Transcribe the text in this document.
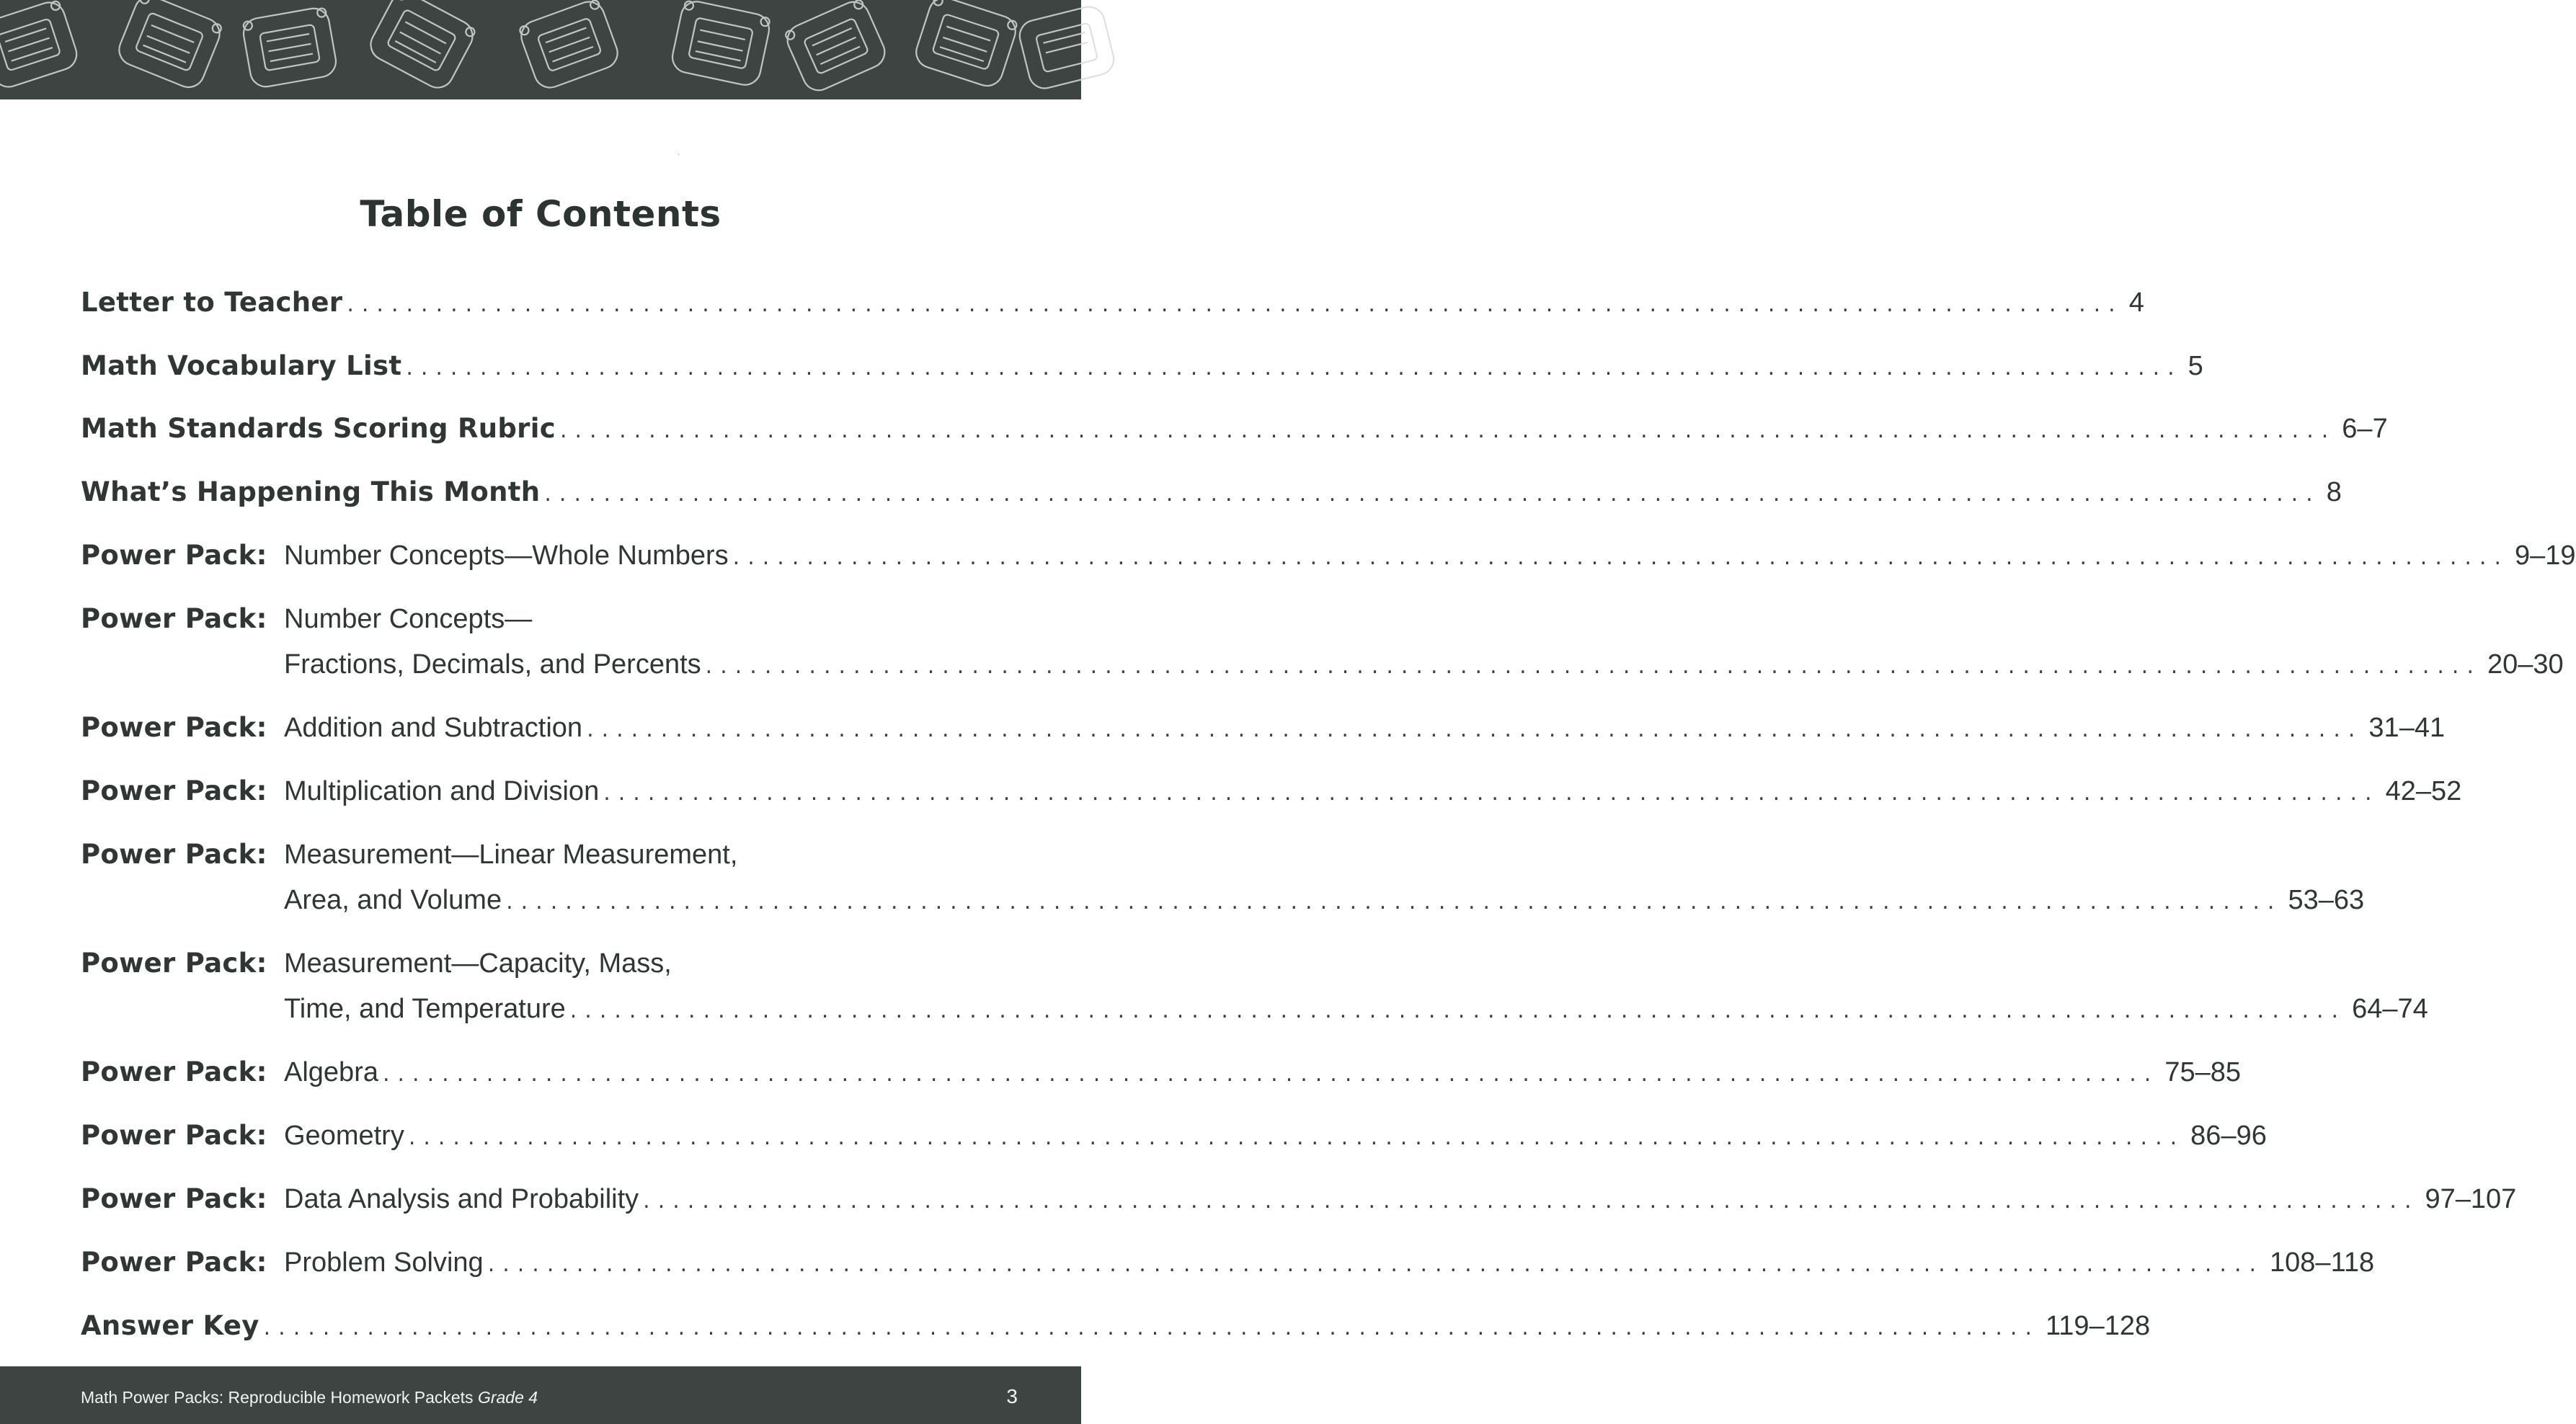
·
Table of Contents
Letter to Teacher ........................................................................................................................ 4
Math Vocabulary List ........................................................................................................................ 5
Math Standards Scoring Rubric ........................................................................................................................ 6–7
What’s Happening This Month ........................................................................................................................ 8
Power Pack: Number Concepts—Whole Numbers ........................................................................................................................ 9–19
Power Pack: Number Concepts—
Fractions, Decimals, and Percents ........................................................................................................................ 20–30
Power Pack: Addition and Subtraction ........................................................................................................................ 31–41
Power Pack: Multiplication and Division ........................................................................................................................ 42–52
Power Pack: Measurement—Linear Measurement,
Area, and Volume ........................................................................................................................ 53–63
Power Pack: Measurement—Capacity, Mass,
Time, and Temperature ........................................................................................................................ 64–74
Power Pack: Algebra ........................................................................................................................ 75–85
Power Pack: Geometry ........................................................................................................................ 86–96
Power Pack: Data Analysis and Probability ........................................................................................................................ 97–107
Power Pack: Problem Solving ........................................................................................................................ 108–118
Answer Key ........................................................................................................................ 119–128
Math Power Packs: Reproducible Homework Packets Grade 4	3
